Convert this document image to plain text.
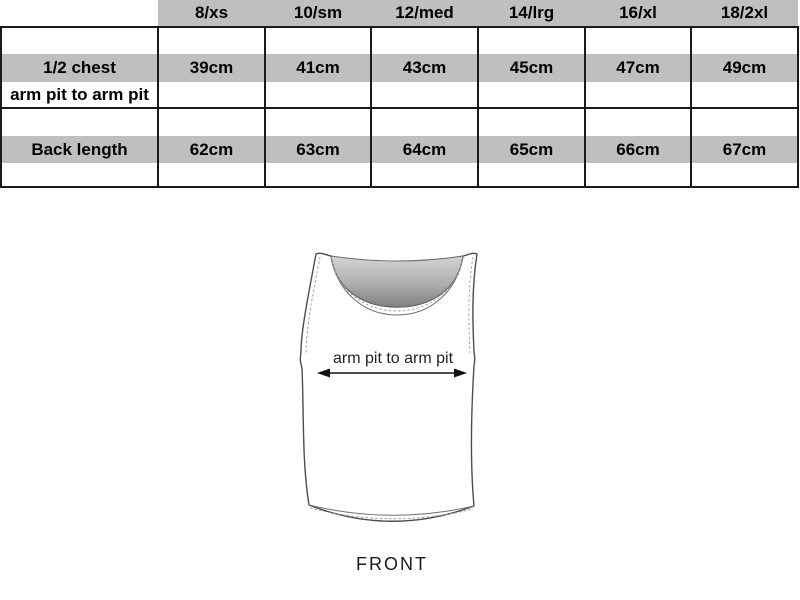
	8/xs	10/sm	12/med	14/lrg	16/xl	18/2xl

1/2 chest	39cm	41cm	43cm	45cm	47cm	49cm
arm pit to arm pit						

Back length	62cm	63cm	64cm	65cm	66cm	67cm

arm pit to arm pit
FRONT
